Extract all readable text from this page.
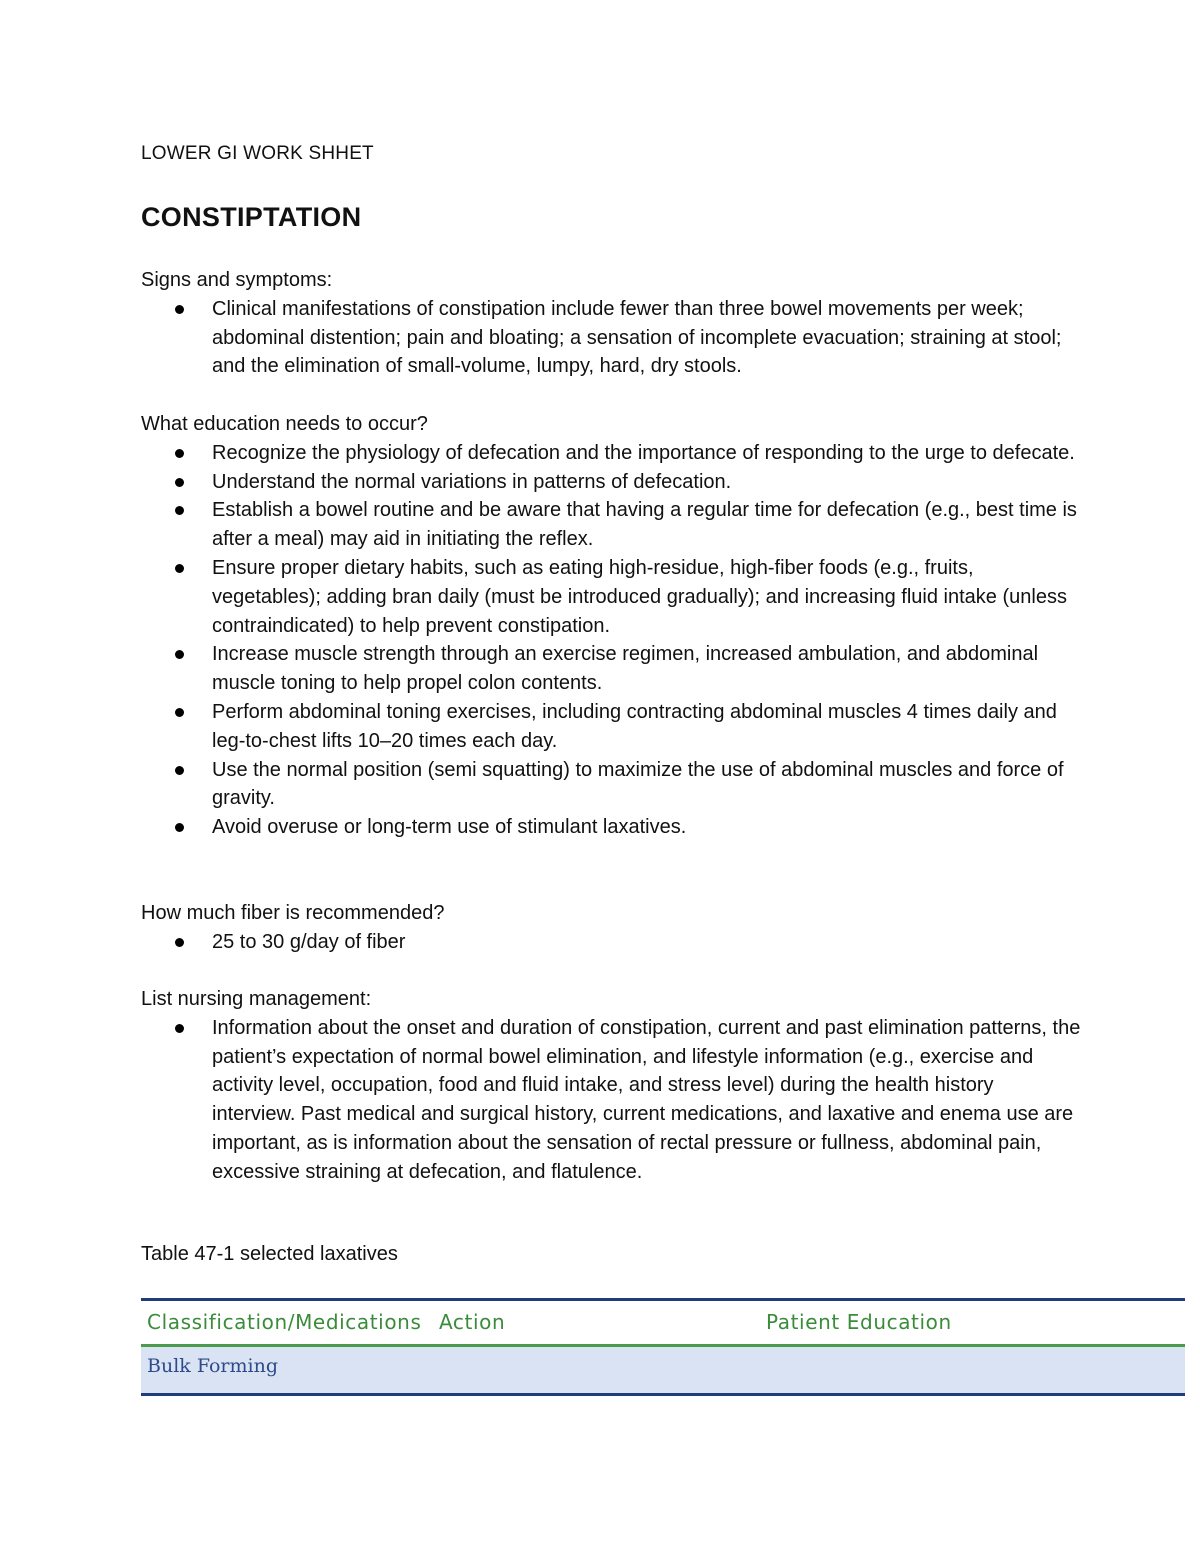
LOWER GI WORK SHHET
CONSTIPTATION

Signs and symptoms:

Clinical manifestations of constipation include fewer than three bowel movements per week; abdominal distention; pain and bloating; a sensation of incomplete evacuation; straining at stool; and the elimination of small-volume, lumpy, hard, dry stools.

What education needs to occur?

Recognize the physiology of defecation and the importance of responding to the urge to defecate.
Understand the normal variations in patterns of defecation.
Establish a bowel routine and be aware that having a regular time for defecation (e.g., best time is after a meal) may aid in initiating the reflex.
Ensure proper dietary habits, such as eating high-residue, high-fiber foods (e.g., fruits, vegetables); adding bran daily (must be introduced gradually); and increasing fluid intake (unless contraindicated) to help prevent constipation.
Increase muscle strength through an exercise regimen, increased ambulation, and abdominal muscle toning to help propel colon contents.
Perform abdominal toning exercises, including contracting abdominal muscles 4 times daily and leg-to-chest lifts 10–20 times each day.
Use the normal position (semi squatting) to maximize the use of abdominal muscles and force of gravity.
Avoid overuse or long-term use of stimulant laxatives.

How much fiber is recommended?

25 to 30 g/day of fiber

List nursing management:

Information about the onset and duration of constipation, current and past elimination patterns, the patient’s expectation of normal bowel elimination, and lifestyle information (e.g., exercise and activity level, occupation, food and fluid intake, and stress level) during the health history interview. Past medical and surgical history, current medications, and laxative and enema use are important, as is information about the sensation of rectal pressure or fullness, abdominal pain, excessive straining at defecation, and flatulence.
Table 47-1 selected laxatives
Classification/Medications	Action	Patient Education
Bulk Forming		
